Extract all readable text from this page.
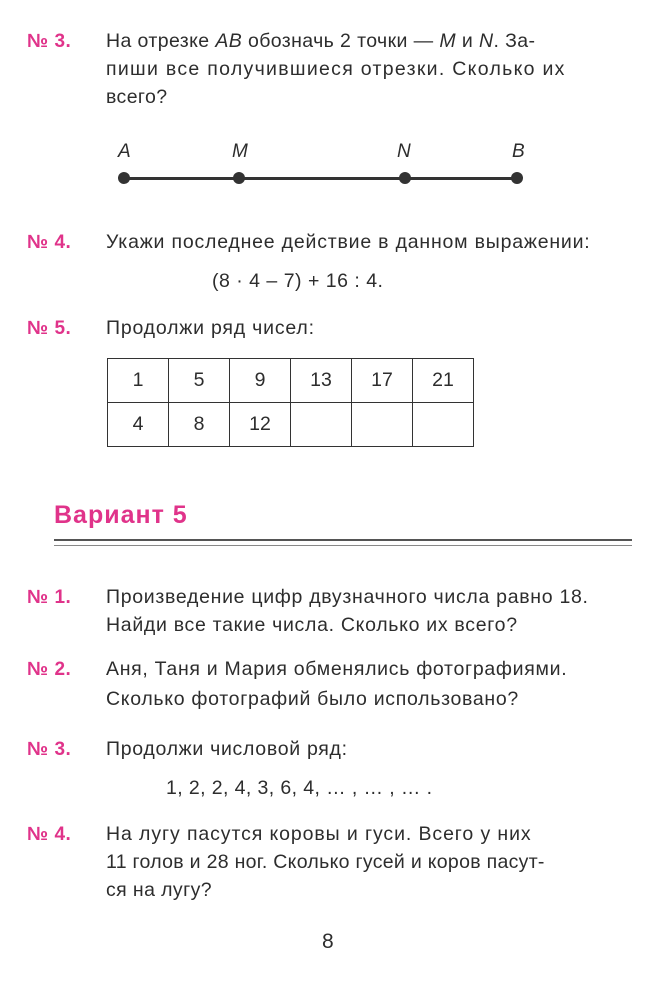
№ 3. На отрезке AB обозначь 2 точки — M и N. За-
пиши все получившиеся отрезки. Сколько их
всего?
A	M	N	B
№ 4. Укажи последнее действие в данном выражении:
(8 · 4 – 7) + 16 : 4.
№ 5. Продолжи ряд чисел:
1	5	9	13	17	21
4	8	12			
Вариант 5
№ 1. Произведение цифр двузначного числа равно 18.
Найди все такие числа. Сколько их всего?
№ 2. Аня, Таня и Мария обменялись фотографиями.
Сколько фотографий было использовано?
№ 3. Продолжи числовой ряд:
1, 2, 2, 4, 3, 6, 4, … , … , … .
№ 4. На лугу пасутся коровы и гуси. Всего у них
11 голов и 28 ног. Сколько гусей и коров пасут-
ся на лугу?
8
